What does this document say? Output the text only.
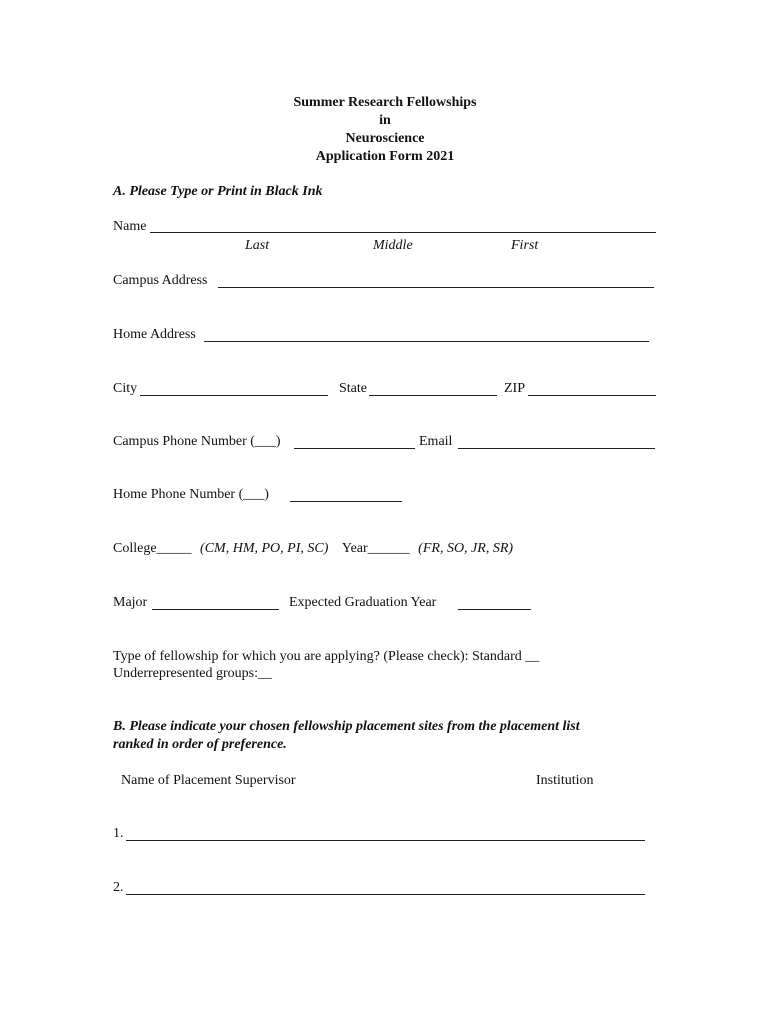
Summer Research Fellowships
in
Neuroscience
Application Form 2021
A. Please Type or Print in Black Ink
Name
Last	Middle	First
Campus Address
Home Address
City	State	ZIP
Campus Phone Number (___)	Email
Home Phone Number (___)
College_____ (CM, HM, PO, PI, SC) Year______ (FR, SO, JR, SR)
Major	Expected Graduation Year
Type of fellowship for which you are applying? (Please check): Standard __
Underrepresented groups:__
B. Please indicate your chosen fellowship placement sites from the placement list
ranked in order of preference.
Name of Placement Supervisor	Institution
1.
2.
